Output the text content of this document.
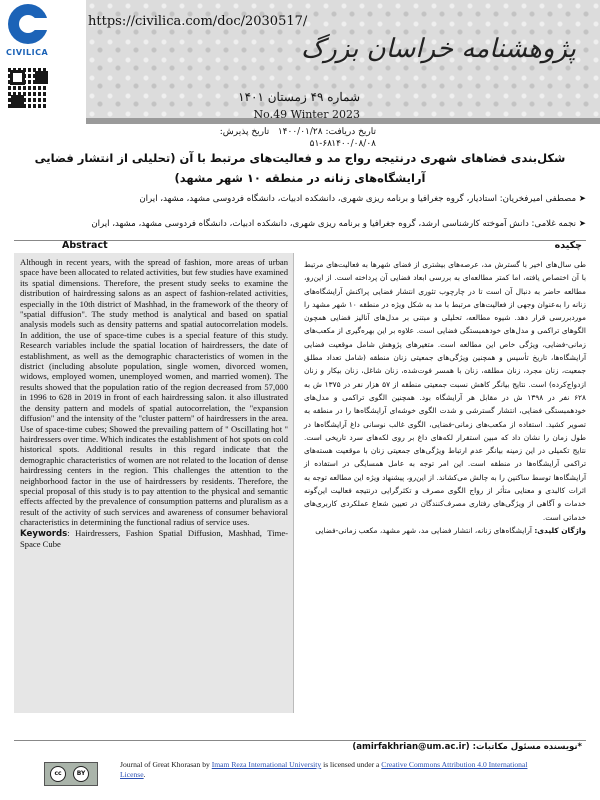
CIVILICA
https://civilica.com/doc/2030517/
پژوهشنامه خراسان بزرگ
شماره ۴۹ زمستان ۱۴۰۱
No.49 Winter 2023
تاریخ دریافت: ۱۴۰۰/۰۱/۲۸   تاریخ پذیرش: ۱۴۰۰/۰۸/۰۸
۵۱-۶۸
شکل‌بندی فضاهای شهری درنتیجه رواج مد و فعالیت‌های مرتبط با آن (تحلیلی از انتشار فضایی آرایشگاه‌های زنانه در منطقه ۱۰ شهر مشهد)
➤ مصطفی امیرفخریان: استادیار، گروه جغرافیا و برنامه ریزی شهری، دانشکده ادبیات، دانشگاه فردوسی مشهد، مشهد، ایران
➤ نجمه غلامی: دانش آموخته کارشناسی ارشد، گروه جغرافیا و برنامه ریزی شهری، دانشکده ادبیات، دانشگاه فردوسی مشهد، مشهد، ایران
Abstract	چکیده
Although in recent years, with the spread of fashion, more areas of urban space have been allocated to related activities, but few studies have examined its spatial dimensions. Therefore, the present study seeks to examine the distribution of hairdressing salons as an aspect of fashion-related activities, especially in the 10th district of Mashhad, in the framework of the theory of "spatial diffusion". The study method is analytical and based on spatial analysis models such as density patterns and spatial autocorrelation models. In addition, the use of space-time cubes is a special feature of this study. Research variables include the spatial location of hairdressers, the date of establishment, as well as the demographic characteristics of women in the district (including absolute population, single women, divorced women, widows, employed women, unemployed women, and married women). The results showed that the population ratio of the region decreased from 57,000 in 1996 to 628 in 2019 in front of each hairdressing salon. it also illustrated the density pattern and models of spatial autocorrelation, the "expansion diffusion" and the intensity of the "cluster pattern" of hairdressers in the area. Use of space-time cubes; Showed the prevailing pattern of " Oscillating hot " hairdressers over time. Which indicates the establishment of hot spots on cold historical spots. Additional results in this regard indicate that the demographic characteristics of women are not related to the location of dense hairdressing centers in the region. This challenges the attention to the neighborhood factor in the use of hairdressers by residents. Therefore, the special proposal of this study is to pay attention to the physical and semantic effects affected by the prevalence of consumption patterns and pluralism as a result of the activity of such services and awareness of consumer behavioral characteristics in determining the functional radius of service uses.
Keywords: Hairdressers, Fashion Spatial Diffusion, Mashhad, Time-Space Cube
طی سال‌های اخیر با گسترش مد، عرصه‌های بیشتری از فضای شهرها به فعالیت‌های مرتبط با آن اختصاص یافته، اما کمتر مطالعه‌ای به بررسی ابعاد فضایی آن پرداخته است. از این‌رو، مطالعه حاضر به دنبال آن است تا در چارچوب تئوری انتشار فضایی پراکنش آرایشگاه‌های زنانه را به‌عنوان وجهی از فعالیت‌های مرتبط با مد به شکل ویژه در منطقه ۱۰ شهر مشهد را موردبررسی قرار دهد. شیوه مطالعه، تحلیلی و مبتنی بر مدل‌های آنالیز فضایی همچون الگوهای تراکمی و مدل‌های خودهمبستگی فضایی است. علاوه بر این بهره‌گیری از مکعب‌های زمانی-فضایی، ویژگی خاص این مطالعه است. متغیرهای پژوهش شامل موقعیت فضایی آرایشگاه‌ها، تاریخ تأسیس و همچنین ویژگی‌های جمعیتی زنان منطقه (شامل تعداد مطلق جمعیت، زنان مجرد، زنان مطلقه، زنان با همسر فوت‌شده، زنان شاغل، زنان بیکار و زنان ازدواج‌کرده) است. نتایج بیانگر کاهش نسبت جمعیتی منطقه از ۵۷ هزار نفر در ۱۳۷۵ ش به ۶۲۸ نفر در ۱۳۹۸ ش در مقابل هر آرایشگاه بود. همچنین الگوی تراکمی و مدل‌های خودهمبستگی فضایی، انتشار گسترشی و شدت الگوی خوشه‌ای آرایشگاه‌ها را در منطقه به تصویر کشید. استفاده از مکعب‌های زمانی-فضایی، الگوی غالب نوسانی داغ آرایشگاه‌ها در طول زمان را نشان داد که مبین استقرار لکه‌های داغ بر روی لکه‌های سرد تاریخی است. نتایج تکمیلی در این زمینه بیانگر عدم ارتباط ویژگی‌های جمعیتی زنان با موقعیت هسته‌های تراکمی آرایشگاه‌ها در منطقه است. این امر توجه به عامل همسایگی در استفاده از آرایشگاه‌ها توسط ساکنین را به چالش می‌کشاند. از این‌رو، پیشنهاد ویژه این مطالعه توجه به اثرات کالبدی و معنایی متأثر از رواج الگوی مصرف و تکثرگرایی درنتیجه فعالیت این‌گونه خدمات و آگاهی از ویژگی‌های رفتاری مصرف‌کنندگان در تعیین شعاع عملکردی کاربری‌های خدماتی است.
واژگان کلیدی: آرایشگاه‌های زنانه، انتشار فضایی مد، شهر مشهد، مکعب زمانی-فضایی
*نویسنده مسئول مکاتبات: (amirfakhrian@um.ac.ir)
cc	BY
Journal of Great Khorasan by Imam Reza International University is licensed under a Creative Commons Attribution 4.0 International License.
